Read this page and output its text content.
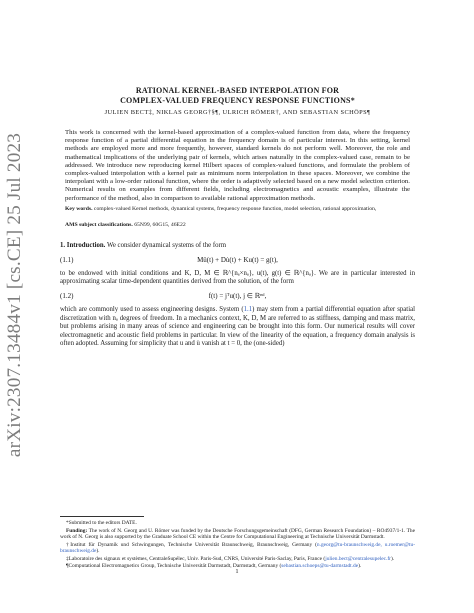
arXiv:2307.13484v1 [cs.CE] 25 Jul 2023
RATIONAL KERNEL-BASED INTERPOLATION FOR
COMPLEX-VALUED FREQUENCY RESPONSE FUNCTIONS*
JULIEN BECT‡, NIKLAS GEORG†§¶, ULRICH RÖMER†, AND SEBASTIAN SCHÖPS¶
This work is concerned with the kernel-based approximation of a complex-valued function from data, where the frequency response function of a partial differential equation in the frequency domain is of particular interest. In this setting, kernel methods are employed more and more frequently, however, standard kernels do not perform well. Moreover, the role and mathematical implications of the underlying pair of kernels, which arises naturally in the complex-valued case, remain to be addressed. We introduce new reproducing kernel Hilbert spaces of complex-valued functions, and formulate the problem of complex-valued interpolation with a kernel pair as minimum norm interpolation in these spaces. Moreover, we combine the interpolant with a low-order rational function, where the order is adaptively selected based on a new model selection criterion. Numerical results on examples from different fields, including electromagnetics and acoustic examples, illustrate the performance of the method, also in comparison to available rational approximation methods.
Key words. complex-valued Kernel methods, dynamical systems, frequency response function, model selection, rational approximation,
AMS subject classifications. 65N99, 60G15, 46E22
1. Introduction. We consider dynamical systems of the form
(1.1)	Mü(t) + Du̇(t) + Ku(t) = g(t),
to be endowed with initial conditions and K, D, M ∈ ℝ^{nₐ×nₐ}, u(t), g(t) ∈ ℝ^{nₐ}. We are in particular interested in approximating scalar time-dependent quantities derived from the solution, of the form
(1.2)	f(t) = jᵀu(t), j ∈ ℝⁿᵈ,
which are commonly used to assess engineering designs. System (1.1) may stem from a partial differential equation after spatial discretization with nₐ degrees of freedom. In a mechanics context, K, D, M are referred to as stiffness, damping and mass matrix, but problems arising in many areas of science and engineering can be brought into this form. Our numerical results will cover electromagnetic and acoustic field problems in particular. In view of the linearity of the equation, a frequency domain analysis is often adopted. Assuming for simplicity that u and u̇ vanish at t = 0, the (one-sided)
*Submitted to the editors DATE.
Funding: The work of N. Georg and U. Römer was funded by the Deutsche Forschungsgemeinschaft (DFG, German Research Foundation) – RO4937/1-1. The work of N. Georg is also supported by the Graduate School CE within the Centre for Computational Engineering at Technische Universität Darmstadt.
†Institut für Dynamik und Schwingungen, Technische Universität Braunschweig, Braunschweig, Germany (n.georg@tu-braunschweig.de, u.roemer@tu-braunschweig.de).
‡Laboratoire des signaux et systèmes, CentraleSupélec, Univ. Paris-Sud, CNRS, Université Paris-Saclay, Paris, France (julien.bect@centralesupelec.fr).
¶Computational Electromagnetics Group, Technische Universität Darmstadt, Darmstadt, Germany (sebastian.schoeps@tu-darmstadt.de).
1
